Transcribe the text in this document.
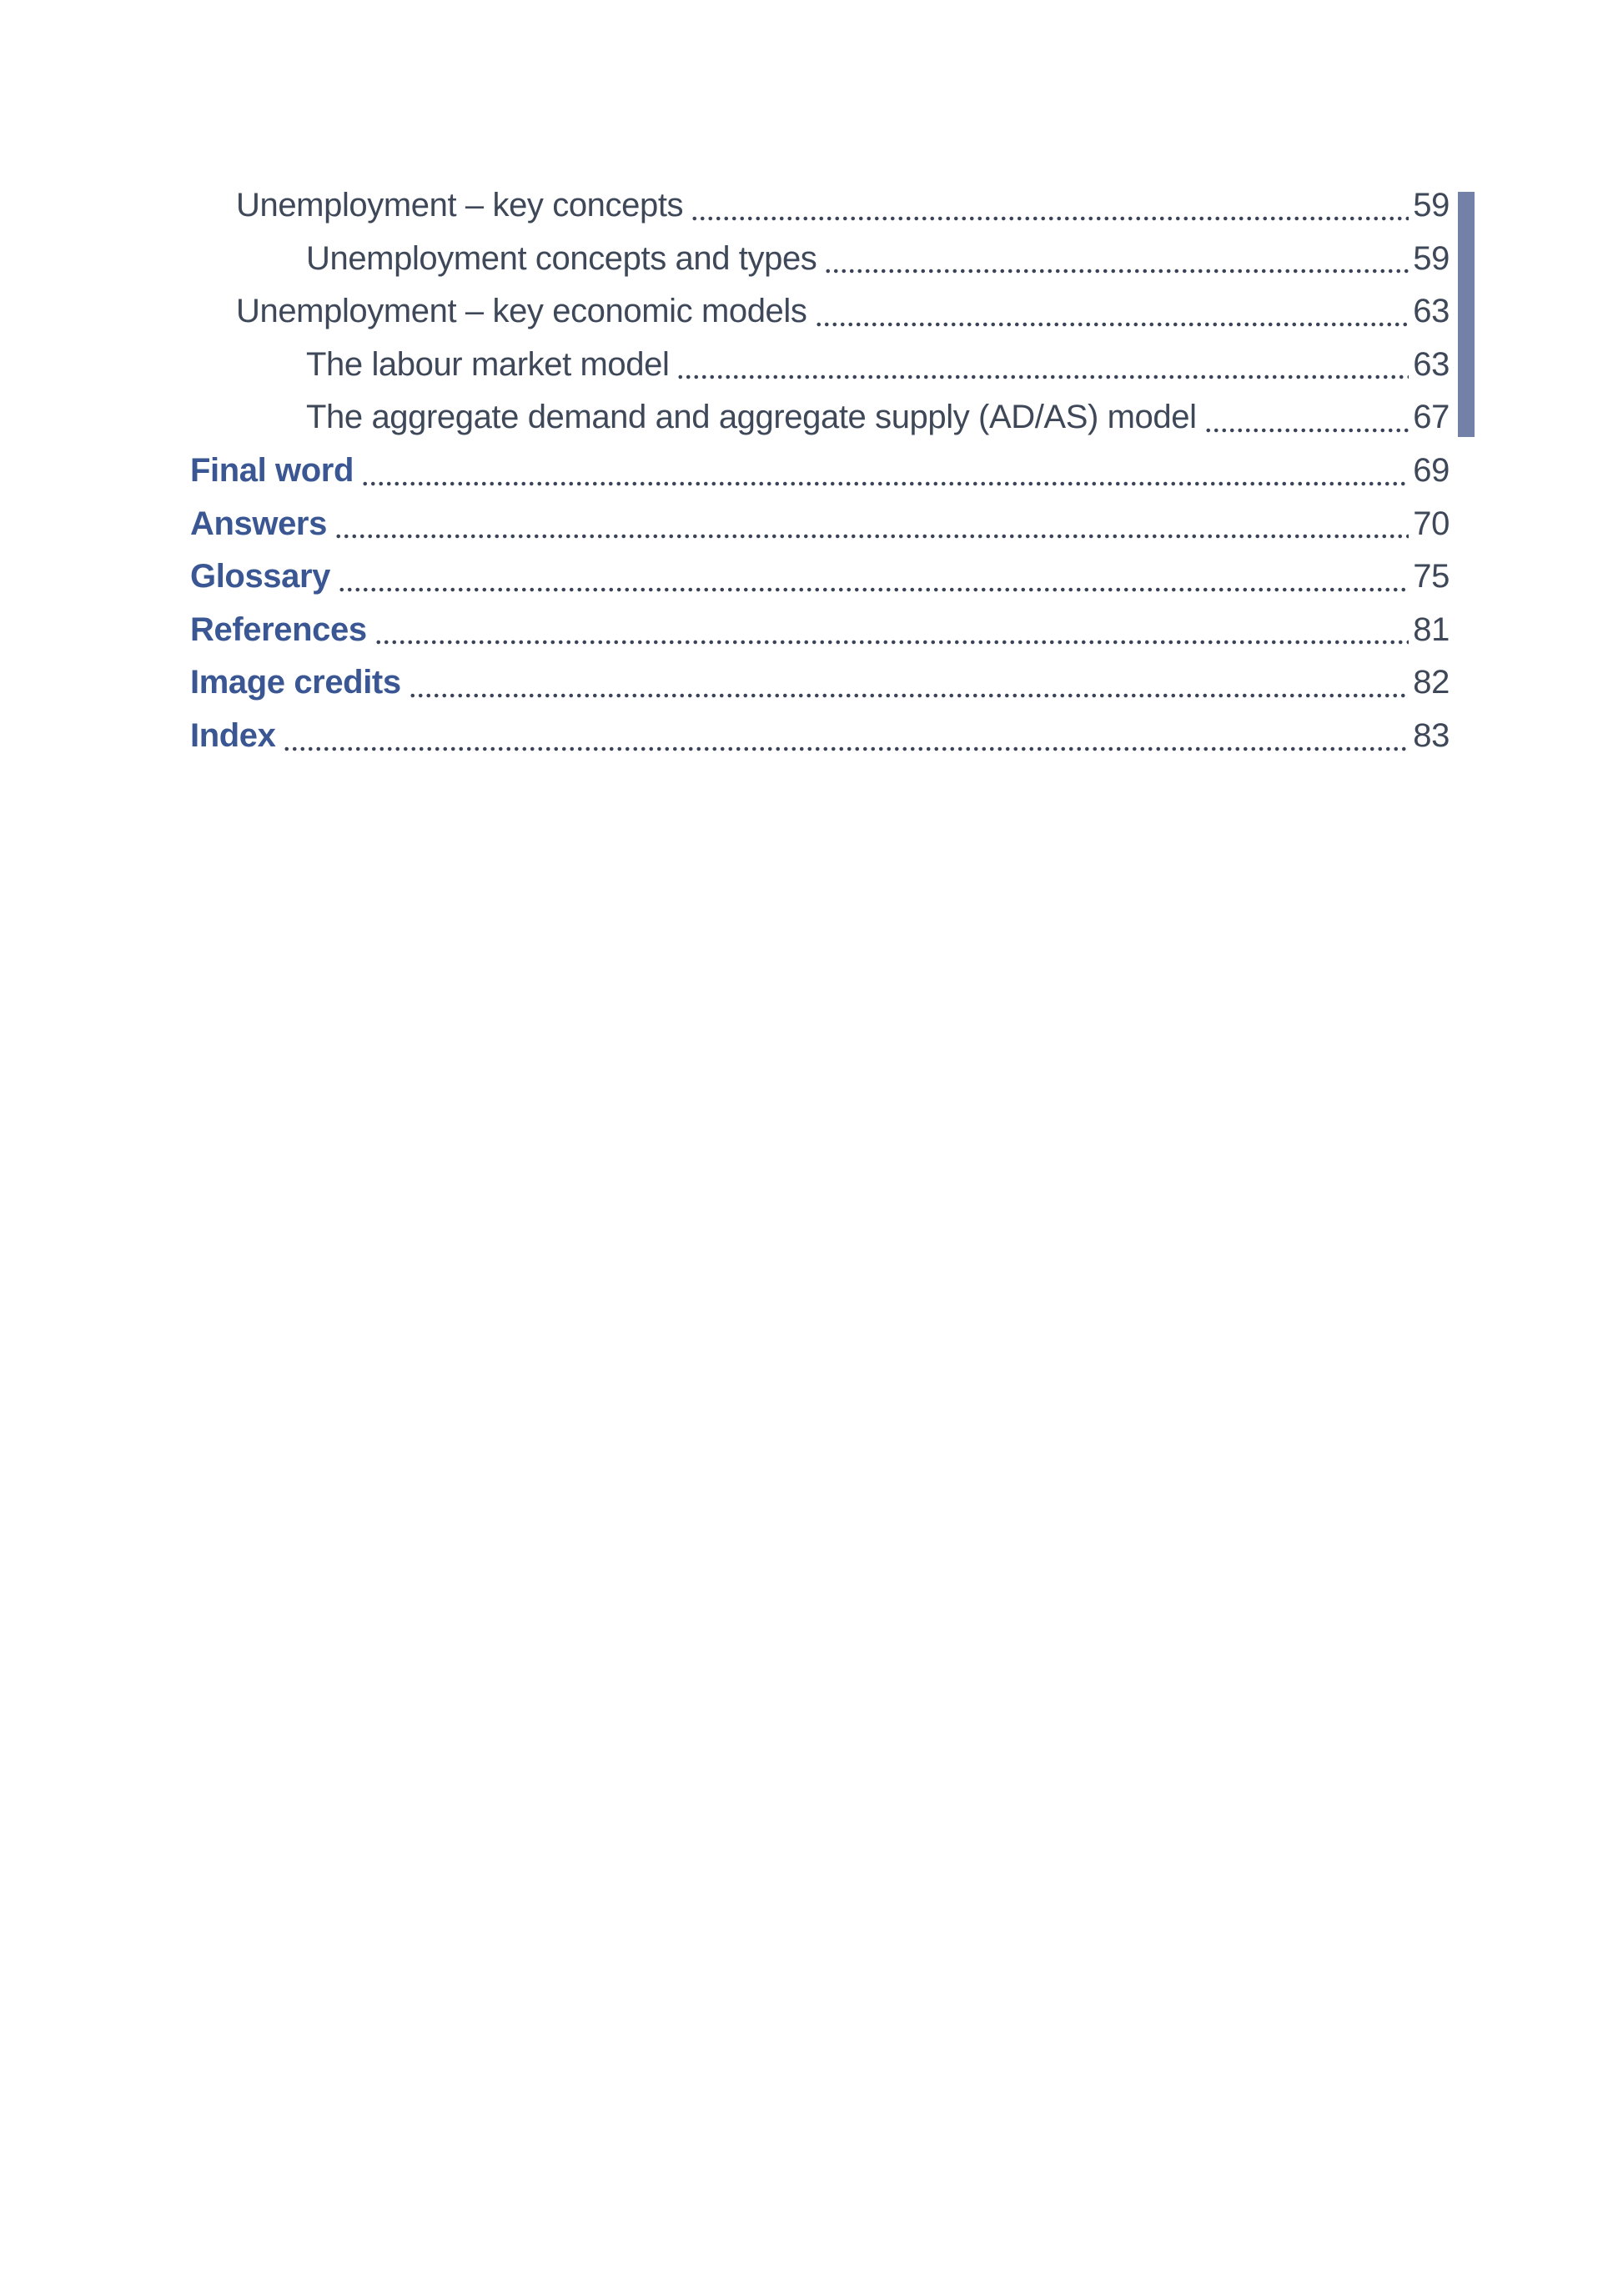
Unemployment – key concepts	59
Unemployment concepts and types	59
Unemployment – key economic models	63
The labour market model	63
The aggregate demand and aggregate supply (AD/AS) model	67
Final word	69
Answers	70
Glossary	75
References	81
Image credits	82
Index	83
